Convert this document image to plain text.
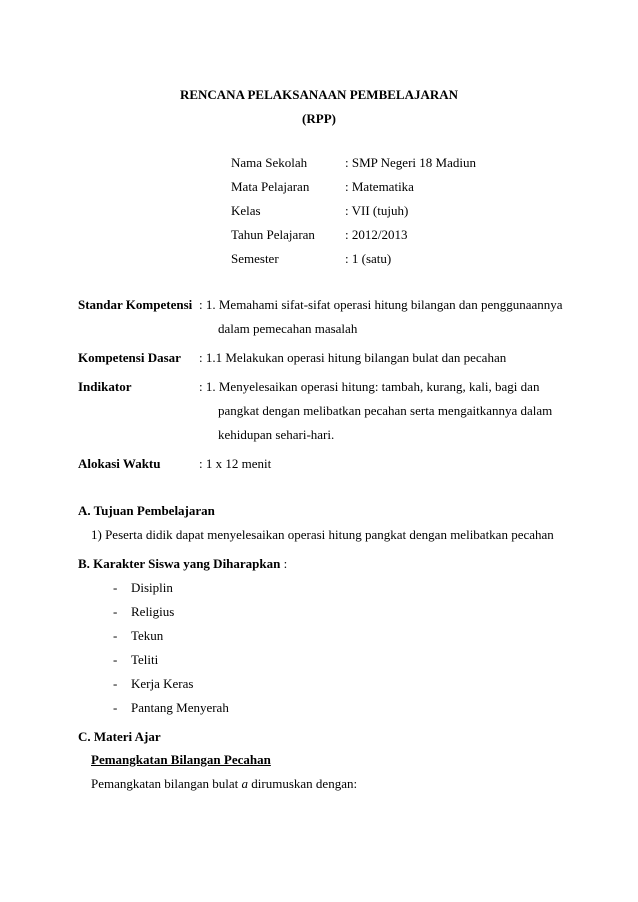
RENCANA PELAKSANAAN PEMBELAJARAN
(RPP)
Nama Sekolah	: SMP Negeri 18 Madiun
Mata Pelajaran	: Matematika
Kelas	: VII (tujuh)
Tahun Pelajaran : 2012/2013
Semester	: 1 (satu)
Standar Kompetensi : 1. Memahami sifat-sifat operasi hitung bilangan dan penggunaannya
dalam pemecahan masalah
Kompetensi Dasar : 1.1 Melakukan operasi hitung bilangan bulat dan pecahan
Indikator	: 1. Menyelesaikan operasi hitung: tambah, kurang, kali, bagi dan
pangkat dengan melibatkan pecahan serta mengaitkannya dalam
kehidupan sehari-hari.
Alokasi Waktu	: 1 x 12 menit
A. Tujuan Pembelajaran
1) Peserta didik dapat menyelesaikan operasi hitung pangkat dengan melibatkan pecahan
B. Karakter Siswa yang Diharapkan :
- Disiplin
- Religius
- Tekun
- Teliti
- Kerja Keras
- Pantang Menyerah
C. Materi Ajar
Pemangkatan Bilangan Pecahan
Pemangkatan bilangan bulat a dirumuskan dengan:
